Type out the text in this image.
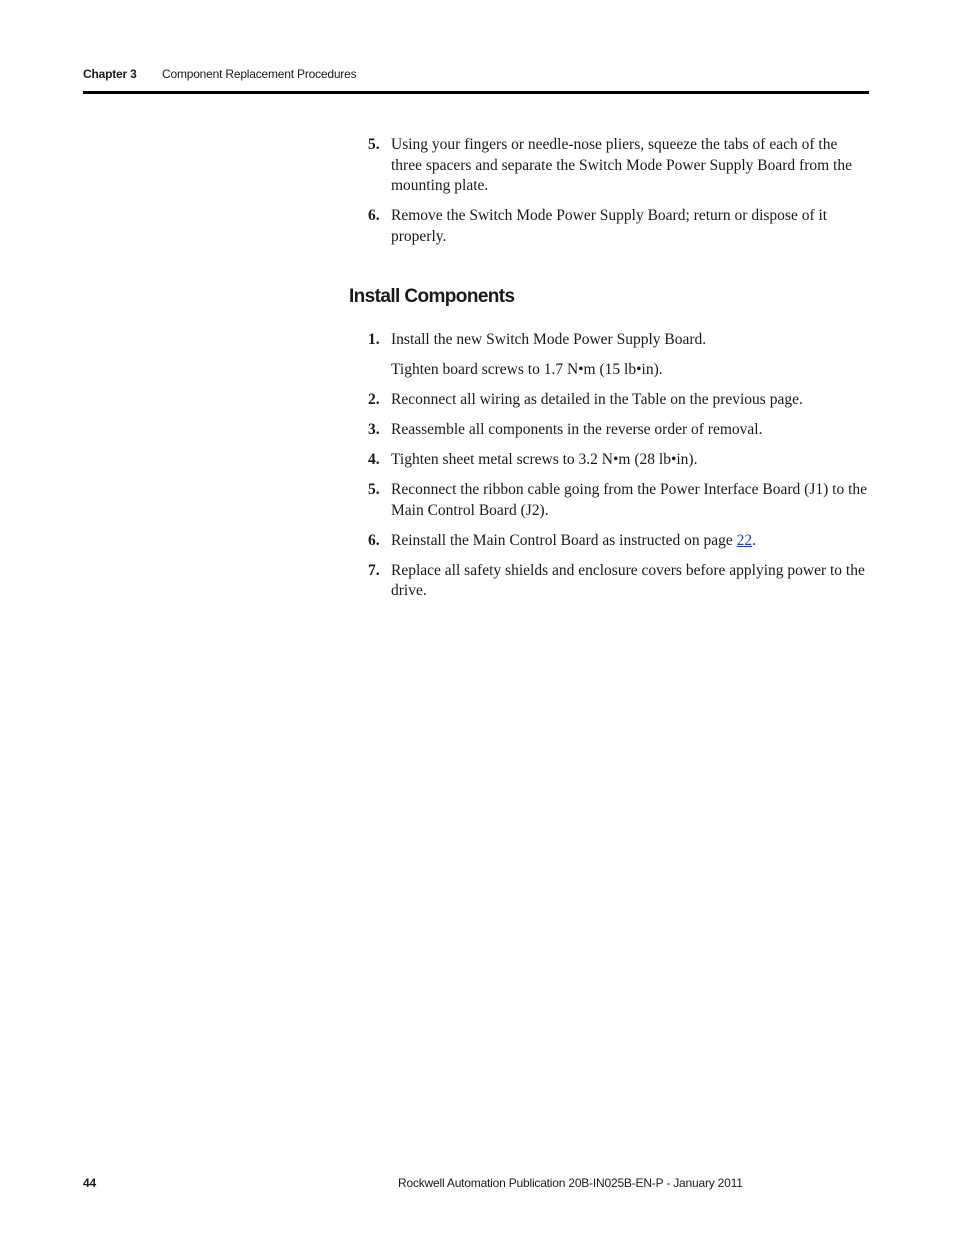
Chapter 3 Component Replacement Procedures
5. Using your fingers or needle-nose pliers, squeeze the tabs of each of the three spacers and separate the Switch Mode Power Supply Board from the mounting plate.
6. Remove the Switch Mode Power Supply Board; return or dispose of it properly.
Install Components
1. Install the new Switch Mode Power Supply Board.
Tighten board screws to 1.7 N•m (15 lb•in).
2. Reconnect all wiring as detailed in the Table on the previous page.
3. Reassemble all components in the reverse order of removal.
4. Tighten sheet metal screws to 3.2 N•m (28 lb•in).
5. Reconnect the ribbon cable going from the Power Interface Board (J1) to the Main Control Board (J2).
6. Reinstall the Main Control Board as instructed on page 22.
7. Replace all safety shields and enclosure covers before applying power to the drive.
44	Rockwell Automation Publication 20B-IN025B-EN-P - January 2011
